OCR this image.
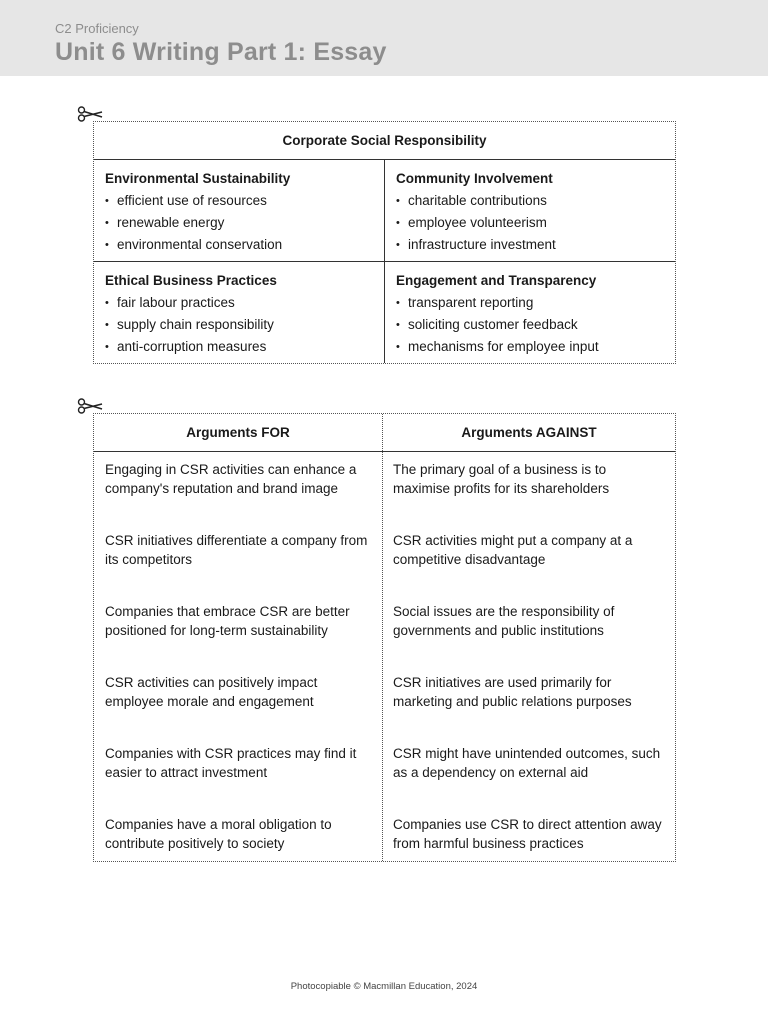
C2 Proficiency
Unit 6 Writing Part 1: Essay
Corporate Social Responsibility
Environmental Sustainability
• efficient use of resources
• renewable energy
• environmental conservation
Community Involvement
• charitable contributions
• employee volunteerism
• infrastructure investment
Ethical Business Practices
• fair labour practices
• supply chain responsibility
• anti-corruption measures
Engagement and Transparency
• transparent reporting
• soliciting customer feedback
• mechanisms for employee input
Arguments FOR	Arguments AGAINST
Engaging in CSR activities can enhance a company's reputation and brand image
CSR initiatives differentiate a company from its competitors
Companies that embrace CSR are better positioned for long-term sustainability
CSR activities can positively impact employee morale and engagement
Companies with CSR practices may find it easier to attract investment
Companies have a moral obligation to contribute positively to society
The primary goal of a business is to maximise profits for its shareholders
CSR activities might put a company at a competitive disadvantage
Social issues are the responsibility of governments and public institutions
CSR initiatives are used primarily for marketing and public relations purposes
CSR might have unintended outcomes, such as a dependency on external aid
Companies use CSR to direct attention away from harmful business practices
Photocopiable © Macmillan Education, 2024
